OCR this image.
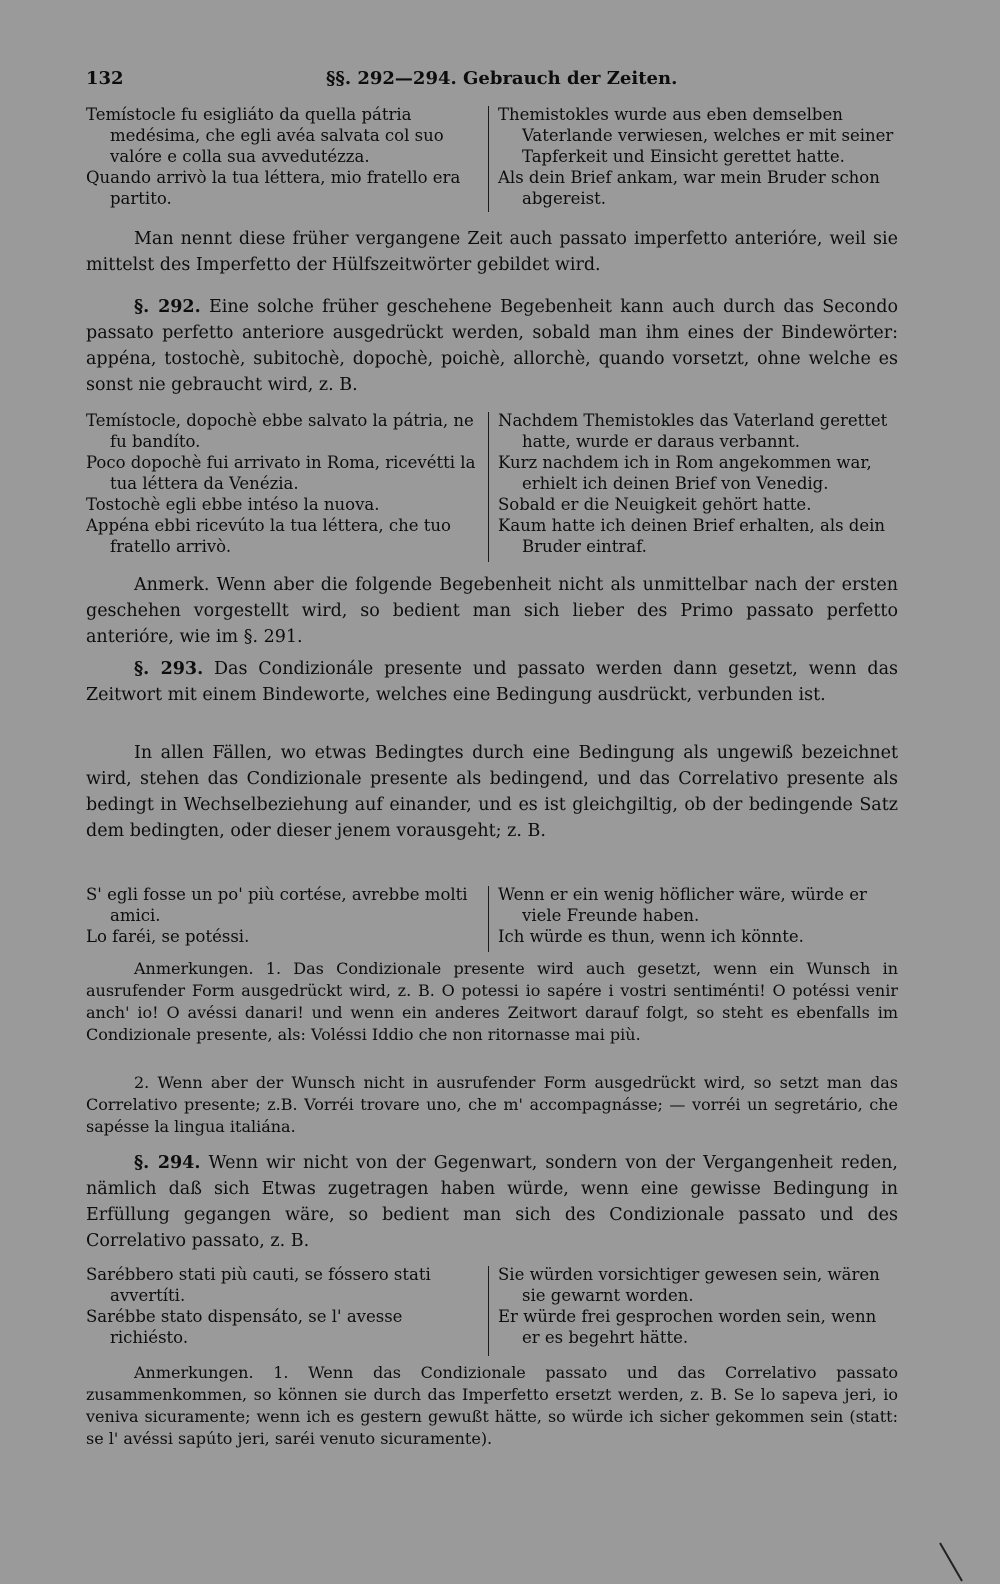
132	§§. 292—294. Gebrauch der Zeiten.

Temístocle fu esigliáto da quella pátria medésima, che egli avéa salvata col suo valóre e colla sua avvedutézza.

Quando arrivò la tua léttera, mio fratello era partito.

Themistokles wurde aus eben demselben Vaterlande verwiesen, welches er mit seiner Tapferkeit und Einsicht gerettet hatte.

Als dein Brief ankam, war mein Bruder schon abgereist.

Man nennt diese früher vergangene Zeit auch passato imperfetto anterióre, weil sie mittelst des Imperfetto der Hülfszeitwörter gebildet wird.

§. 292. Eine solche früher geschehene Begebenheit kann auch durch das Secondo passato perfetto anteriore ausgedrückt werden, sobald man ihm eines der Bindewörter: appéna, tostochè, subitochè, dopochè, poichè, allorchè, quando vorsetzt, ohne welche es sonst nie gebraucht wird, z. B.

Temístocle, dopochè ebbe salvato la pátria, ne fu bandíto.

Poco dopochè fui arrivato in Roma, ricevétti la tua léttera da Venézia.

Tostochè egli ebbe intéso la nuova.

Appéna ebbi ricevúto la tua léttera, che tuo fratello arrivò.

Nachdem Themistokles das Vaterland gerettet hatte, wurde er daraus verbannt.

Kurz nachdem ich in Rom angekommen war, erhielt ich deinen Brief von Venedig.

Sobald er die Neuigkeit gehört hatte.

Kaum hatte ich deinen Brief erhalten, als dein Bruder eintraf.

Anmerk. Wenn aber die folgende Begebenheit nicht als unmittelbar nach der ersten geschehen vorgestellt wird, so bedient man sich lieber des Primo passato perfetto anterióre, wie im §. 291.

§. 293. Das Condizionále presente und passato werden dann gesetzt, wenn das Zeitwort mit einem Bindeworte, welches eine Bedingung ausdrückt, verbunden ist.

In allen Fällen, wo etwas Bedingtes durch eine Bedingung als ungewiß bezeichnet wird, stehen das Condizionale presente als bedingend, und das Correlativo presente als bedingt in Wechselbeziehung auf einander, und es ist gleichgiltig, ob der bedingende Satz dem bedingten, oder dieser jenem vorausgeht; z. B.

S' egli fosse un po' più cortése, avrebbe molti amici.

Lo faréi, se potéssi.

Wenn er ein wenig höflicher wäre, würde er viele Freunde haben.

Ich würde es thun, wenn ich könnte.

Anmerkungen. 1. Das Condizionale presente wird auch gesetzt, wenn ein Wunsch in ausrufender Form ausgedrückt wird, z. B. O potessi io sapére i vostri sentiménti! O potéssi venir anch' io! O avéssi danari! und wenn ein anderes Zeitwort darauf folgt, so steht es ebenfalls im Condizionale presente, als: Voléssi Iddio che non ritornasse mai più.

2. Wenn aber der Wunsch nicht in ausrufender Form ausgedrückt wird, so setzt man das Correlativo presente; z.B. Vorréi trovare uno, che m' accompagnásse; — vorréi un segretário, che sapésse la lingua italiána.

§. 294. Wenn wir nicht von der Gegenwart, sondern von der Vergangenheit reden, nämlich daß sich Etwas zugetragen haben würde, wenn eine gewisse Bedingung in Erfüllung gegangen wäre, so bedient man sich des Condizionale passato und des Correlativo passato, z. B.

Sarébbero stati più cauti, se fóssero stati avvertíti.

Sarébbe stato dispensáto, se l' avesse richiésto.

Sie würden vorsichtiger gewesen sein, wären sie gewarnt worden.

Er würde frei gesprochen worden sein, wenn er es begehrt hätte.

Anmerkungen. 1. Wenn das Condizionale passato und das Correlativo passato zusammenkommen, so können sie durch das Imperfetto ersetzt werden, z. B. Se lo sapeva jeri, io veniva sicuramente; wenn ich es gestern gewußt hätte, so würde ich sicher gekommen sein (statt: se l' avéssi sapúto jeri, saréi venuto sicuramente).
